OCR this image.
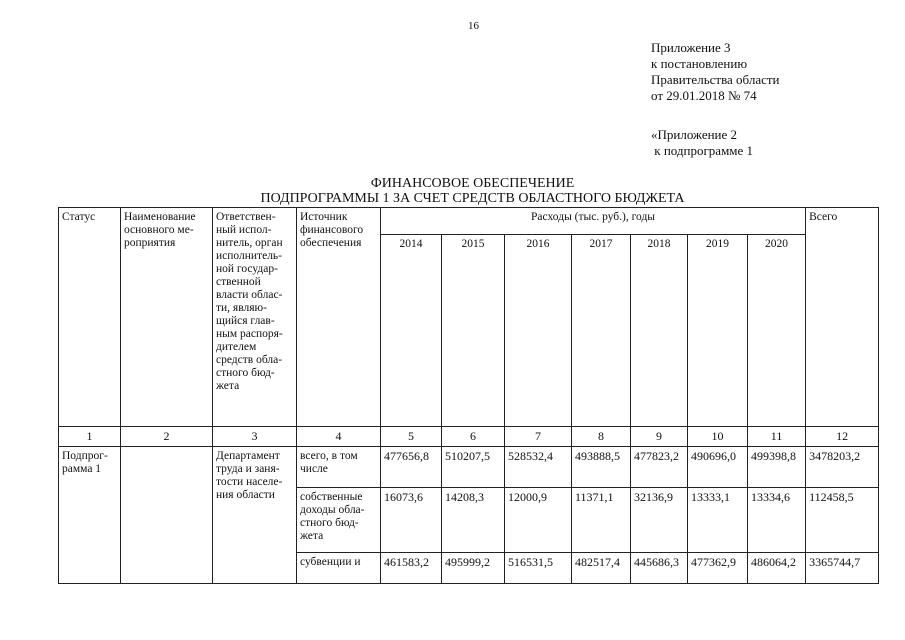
16
Приложение 3
к постановлению
Правительства области
от 29.01.2018 № 74
«Приложение 2
к подпрограмме 1
ФИНАНСОВОЕ ОБЕСПЕЧЕНИЕ
ПОДПРОГРАММЫ 1 ЗА СЧЕТ СРЕДСТВ ОБЛАСТНОГО БЮДЖЕТА
Статус	Наименование основного ме-роприятия	Ответствен-ный испол-нитель, орган исполнитель-ной государ-ственной власти облас-ти, являю-щийся глав-ным распоря-дителем средств обла-стного бюд-жета	Источник финансового обеспечения	Расходы (тыс. руб.), годы							Всего
				2014	2015	2016	2017	2018	2019	2020	
1	2	3	4	5	6	7	8	9	10	11	12
Подпрог-рамма 1		Департамент труда и заня-тости населе-ния области	всего, в том числе	477656,8	510207,5	528532,4	493888,5	477823,2	490696,0	499398,8	3478203,2
			собственные доходы обла-стного бюд-жета	16073,6	14208,3	12000,9	11371,1	32136,9	13333,1	13334,6	112458,5
			субвенции и	461583,2	495999,2	516531,5	482517,4	445686,3	477362,9	486064,2	3365744,7
